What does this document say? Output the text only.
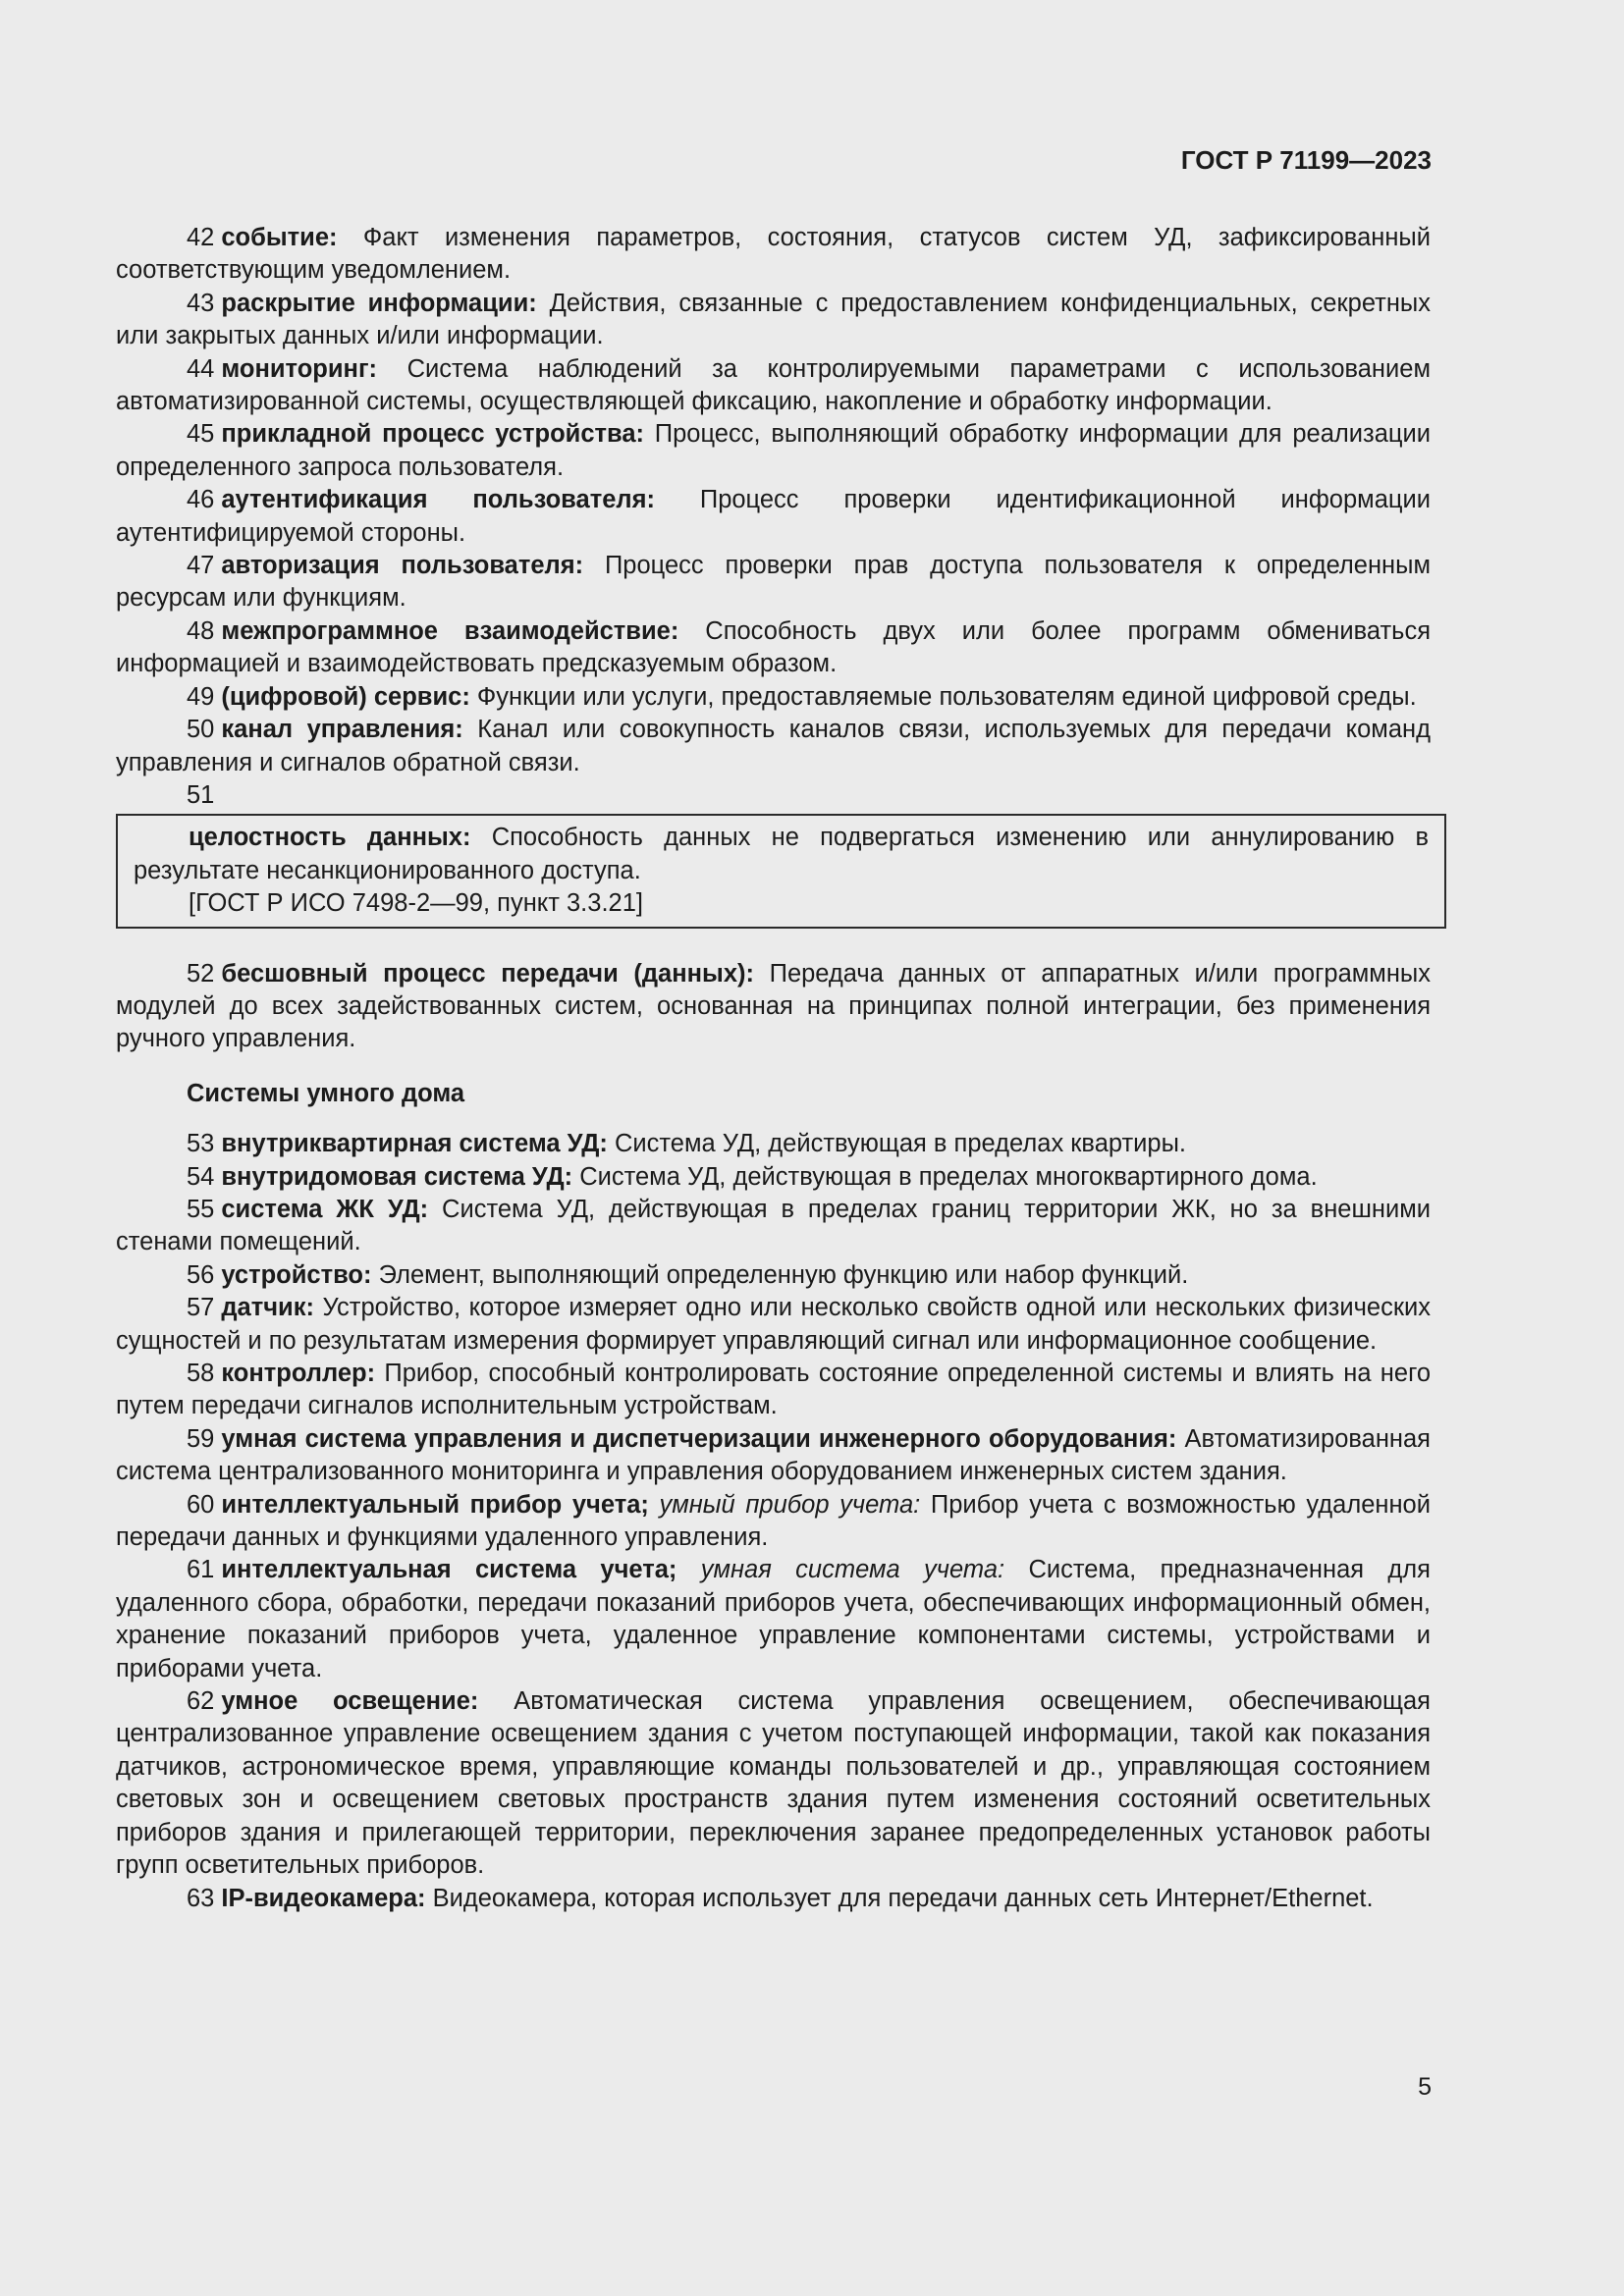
ГОСТ Р 71199—2023

42 событие: Факт изменения параметров, состояния, статусов систем УД, зафиксированный соответствующим уведомлением.

43 раскрытие информации: Действия, связанные с предоставлением конфиденциальных, секретных или закрытых данных и/или информации.

44 мониторинг: Система наблюдений за контролируемыми параметрами с использованием автоматизированной системы, осуществляющей фиксацию, накопление и обработку информации.

45 прикладной процесс устройства: Процесс, выполняющий обработку информации для реализации определенного запроса пользователя.

46 аутентификация пользователя: Процесс проверки идентификационной информации аутентифицируемой стороны.

47 авторизация пользователя: Процесс проверки прав доступа пользователя к определенным ресурсам или функциям.

48 межпрограммное взаимодействие: Способность двух или более программ обмениваться информацией и взаимодействовать предсказуемым образом.

49 (цифровой) сервис: Функции или услуги, предоставляемые пользователям единой цифровой среды.

50 канал управления: Канал или совокупность каналов связи, используемых для передачи команд управления и сигналов обратной связи.

51

целостность данных: Способность данных не подвергаться изменению или аннулированию в результате несанкционированного доступа.

[ГОСТ Р ИСО 7498-2—99, пункт 3.3.21]

52 бесшовный процесс передачи (данных): Передача данных от аппаратных и/или программных модулей до всех задействованных систем, основанная на принципах полной интеграции, без применения ручного управления.

Системы умного дома

53 внутриквартирная система УД: Система УД, действующая в пределах квартиры.

54 внутридомовая система УД: Система УД, действующая в пределах многоквартирного дома.

55 система ЖК УД: Система УД, действующая в пределах границ территории ЖК, но за внешними стенами помещений.

56 устройство: Элемент, выполняющий определенную функцию или набор функций.

57 датчик: Устройство, которое измеряет одно или несколько свойств одной или нескольких физических сущностей и по результатам измерения формирует управляющий сигнал или информационное сообщение.

58 контроллер: Прибор, способный контролировать состояние определенной системы и влиять на него путем передачи сигналов исполнительным устройствам.

59 умная система управления и диспетчеризации инженерного оборудования: Автоматизированная система централизованного мониторинга и управления оборудованием инженерных систем здания.

60 интеллектуальный прибор учета; умный прибор учета: Прибор учета с возможностью удаленной передачи данных и функциями удаленного управления.

61 интеллектуальная система учета; умная система учета: Система, предназначенная для удаленного сбора, обработки, передачи показаний приборов учета, обеспечивающих информационный обмен, хранение показаний приборов учета, удаленное управление компонентами системы, устройствами и приборами учета.

62 умное освещение: Автоматическая система управления освещением, обеспечивающая централизованное управление освещением здания с учетом поступающей информации, такой как показания датчиков, астрономическое время, управляющие команды пользователей и др., управляющая состоянием световых зон и освещением световых пространств здания путем изменения состояний осветительных приборов здания и прилегающей территории, переключения заранее предопределенных установок работы групп осветительных приборов.

63 IP-видеокамера: Видеокамера, которая использует для передачи данных сеть Интернет/Ethernet.

5
